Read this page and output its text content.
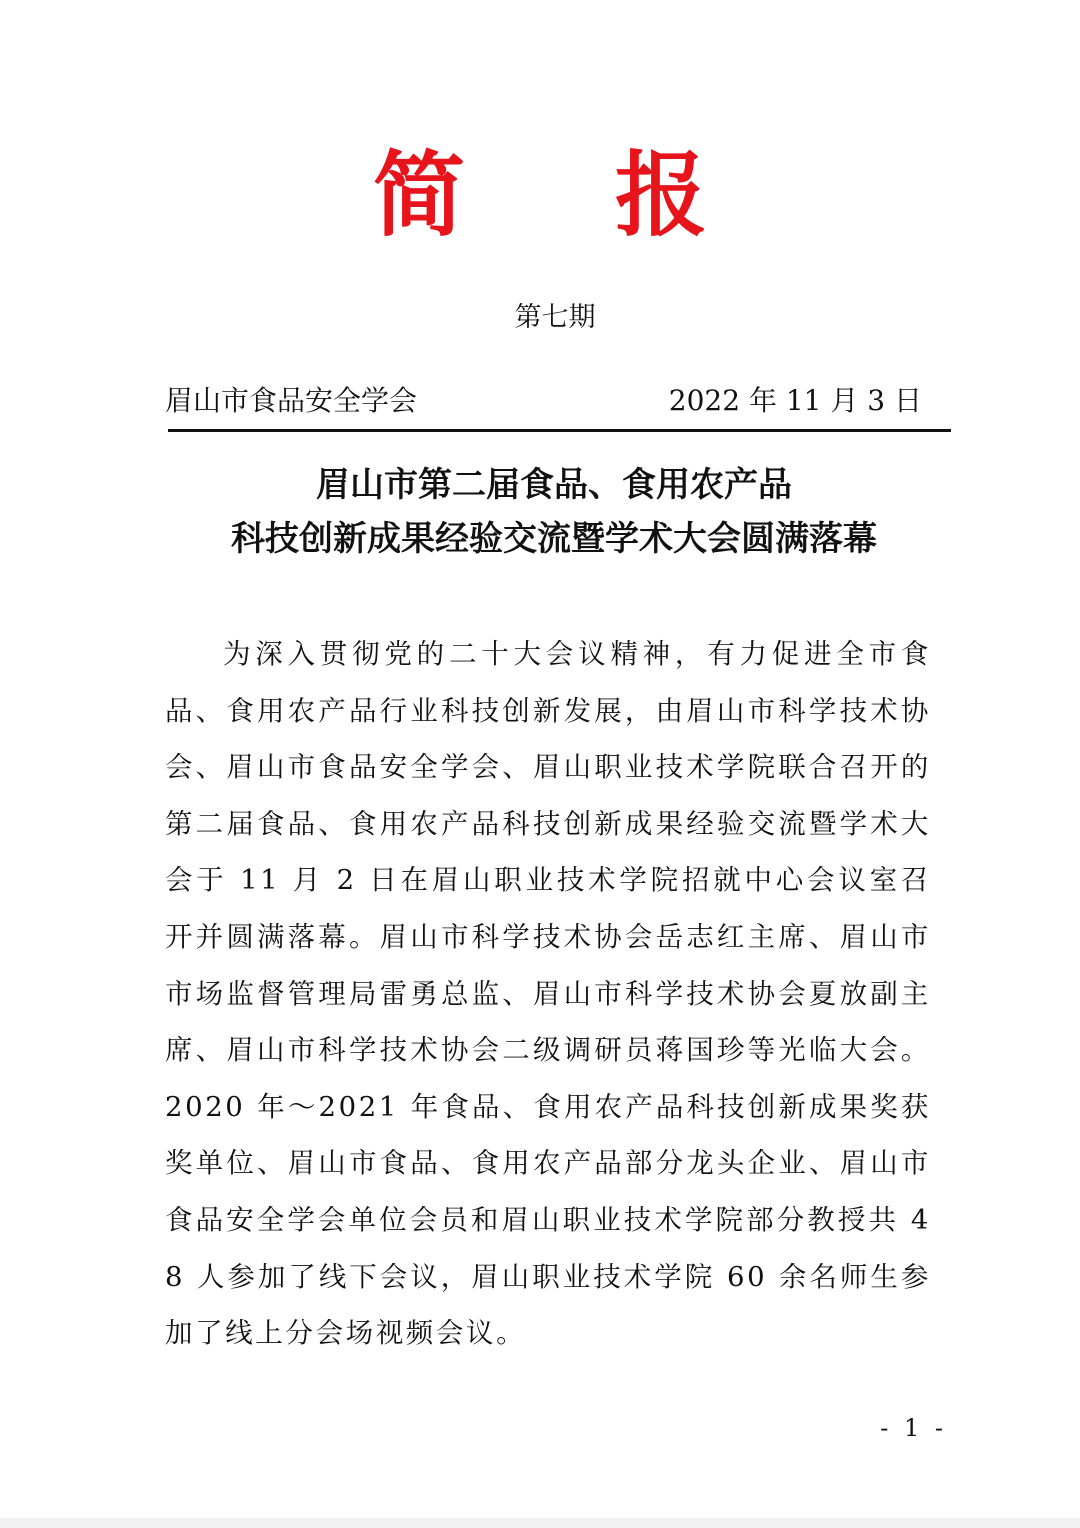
简 报
第七期
眉山市食品安全学会	2022 年 11 月 3 日
眉山市第二届食品、食用农产品
科技创新成果经验交流暨学术大会圆满落幕

为深入贯彻党的二十大会议精神，有力促进全市食品、食用农产品行业科技创新发展，由眉山市科学技术协会、眉山市食品安全学会、眉山职业技术学院联合召开的第二届食品、食用农产品科技创新成果经验交流暨学术大会于 11 月 2 日在眉山职业技术学院招就中心会议室召开并圆满落幕。眉山市科学技术协会岳志红主席、眉山市市场监督管理局雷勇总监、眉山市科学技术协会夏放副主席、眉山市科学技术协会二级调研员蒋国珍等光临大会。2020 年～2021 年食品、食用农产品科技创新成果奖获奖单位、眉山市食品、食用农产品部分龙头企业、眉山市食品安全学会单位会员和眉山职业技术学院部分教授共 48 人参加了线下会议，眉山职业技术学院 60 余名师生参加了线上分会场视频会议。

- 1 -
